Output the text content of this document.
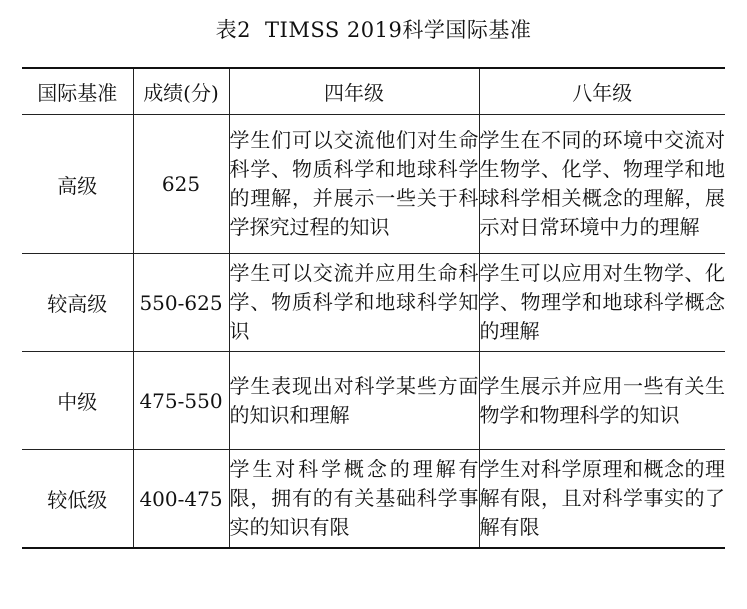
表2 TIMSS 2019科学国际基准
国际基准	成绩(分)	四年级	八年级
高级	625	学生们可以交流他们对生命科学、物质科学和地球科学的理解，并展示一些关于科学探究过程的知识	学生在不同的环境中交流对生物学、化学、物理学和地球科学相关概念的理解，展示对日常环境中力的理解
较高级	550-625	学生可以交流并应用生命科学、物质科学和地球科学知识	学生可以应用对生物学、化学、物理学和地球科学概念的理解
中级	475-550	学生表现出对科学某些方面的知识和理解	学生展示并应用一些有关生物学和物理科学的知识
较低级	400-475	学生对科学概念的理解有限，拥有的有关基础科学事实的知识有限	学生对科学原理和概念的理解有限，且对科学事实的了解有限
